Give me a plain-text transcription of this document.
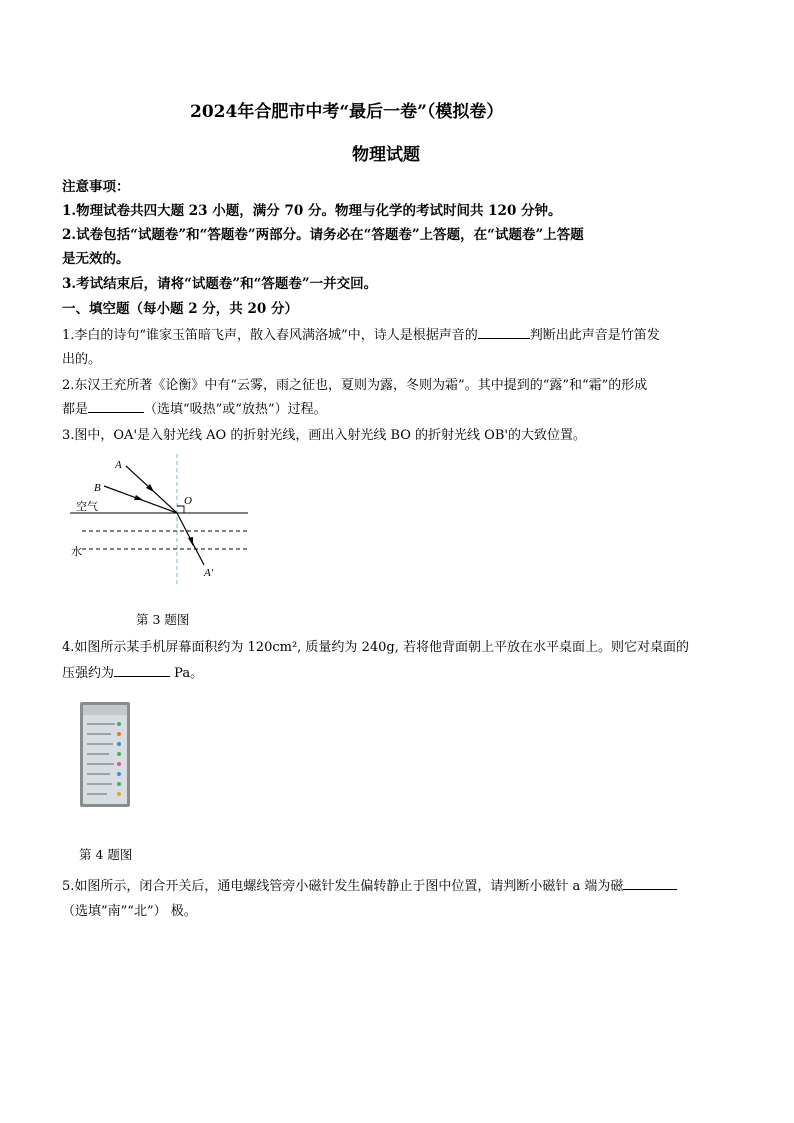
2024年合肥市中考“最后一卷”（模拟卷）
物理试题
注意事项：
1.物理试卷共四大题 23 小题，满分 70 分。物理与化学的考试时间共 120 分钟。
2.试卷包括“试题卷”和“答题卷”两部分。请务必在“答题卷”上答题，在“试题卷”上答题
是无效的。
3.考试结束后，请将“试题卷”和“答题卷”一并交回。
一、填空题（每小题 2 分，共 20 分）
1.李白的诗句“谁家玉笛暗飞声，散入春风满洛城”中，诗人是根据声音的	判断出此声音是竹笛发
出的。
2.东汉王充所著《论衡》中有“云雾，雨之征也，夏则为露，冬则为霜”。其中提到的“露”和“霜”的形成
都是	（选填“吸热”或“放热”）过程。
3.图中，OA'是入射光线 AO 的折射光线，画出入射光线 BO 的折射光线 OB'的大致位置。
A
B
O
空气
水
A′
第 3 题图
4.如图所示某手机屏幕面积约为 120cm², 质量约为 240g, 若将他背面朝上平放在水平桌面上。则它对桌面的
压强约为	Pa。
第 4 题图
5.如图所示，闭合开关后，通电螺线管旁小磁针发生偏转静止于图中位置，请判断小磁针 a 端为磁
（选填”南”“北”） 极。
